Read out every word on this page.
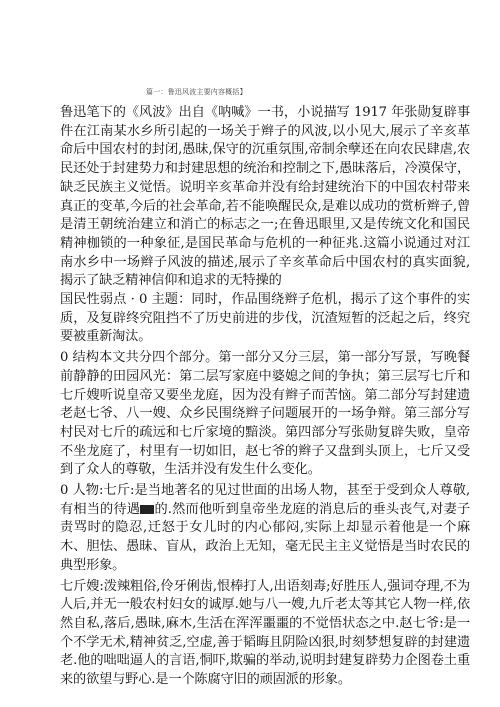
篇一：鲁迅风波主要内容概括】

鲁迅笔下的《风波》出自《呐喊》一书，小说描写 1917 年张勋复辟事件在江南某水乡所引起的一场关于辫子的风波,以小见大,展示了辛亥革命后中国农村的封闭,愚昧,保守的沉重氛围,帝制余孽还在向农民肆虐,农民还处于封建势力和封建思想的统治和控制之下,愚昧落后，冷漠保守，缺乏民族主义觉悟。说明辛亥革命并没有给封建统治下的中国农村带来真正的变革,今后的社会革命,若不能唤醒民众,是难以成功的赏析辫子,曾是清王朝统治建立和消亡的标志之一;在鲁迅眼里,又是传统文化和国民精神枷锁的一种象征,是国民革命与危机的一种征兆.这篇小说通过对江南水乡中一场辫子风波的描述,展示了辛亥革命后中国农村的真实面貌,揭示了缺乏精神信仰和追求的无特操的

国民性弱点 · 0 主题：同时，作品围绕辫子危机，揭示了这个事件的实质，及复辟终究阻挡不了历史前进的步伐，沉渣短暂的泛起之后，终究要被重新淘汰。

0 结构本文共分四个部分。第一部分又分三层，第一部分写景，写晚餐前静静的田园风光：第二层写家庭中婆媳之间的争执；第三层写七斤和七斤嫂听说皇帝又要坐龙庭，因为没有辫子而苦恼。第二部分写封建遗老赵七爷、八一嫂、众乡民围绕辫子问题展开的一场争辩。第三部分写村民对七斤的疏远和七斤家境的黯淡。第四部分写张勋复辟失败，皇帝不坐龙庭了，村里有一切如旧，赵七爷的辫子又盘到头顶上，七斤又受到了众人的尊敬，生活并没有发生什么变化。

0 人物:七斤:是当地著名的见过世面的出场人物，甚至于受到众人尊敬,有相当的待遇 的.然而他听到皇帝坐龙庭的消息后的垂头丧气,对妻子责骂时的隐忍,迁怒于女儿时的内心郁闷,实际上却显示着他是一个麻木、胆怯、愚昧、盲从，政治上无知，毫无民主主义觉悟是当时农民的典型形象。

七斤嫂:泼辣粗俗,伶牙俐齿,恨棒打人,出语刻毒;好胜压人,强词夺理,不为人后,并无一般农村妇女的诚厚.她与八一嫂,九斤老太等其它人物一样,依然自私,落后,愚昧,麻木,生活在浑浑噩噩的不觉悟状态之中.赵七爷:是一个不学无术,精神贫乏,空虚,善于韬晦且阴险凶狠,时刻梦想复辟的封建遗老.他的咄咄逼人的言语,恫吓,欺骗的举动,说明封建复辟势力企图卷土重来的欲望与野心.是一个陈腐守旧的顽固派的形象。
